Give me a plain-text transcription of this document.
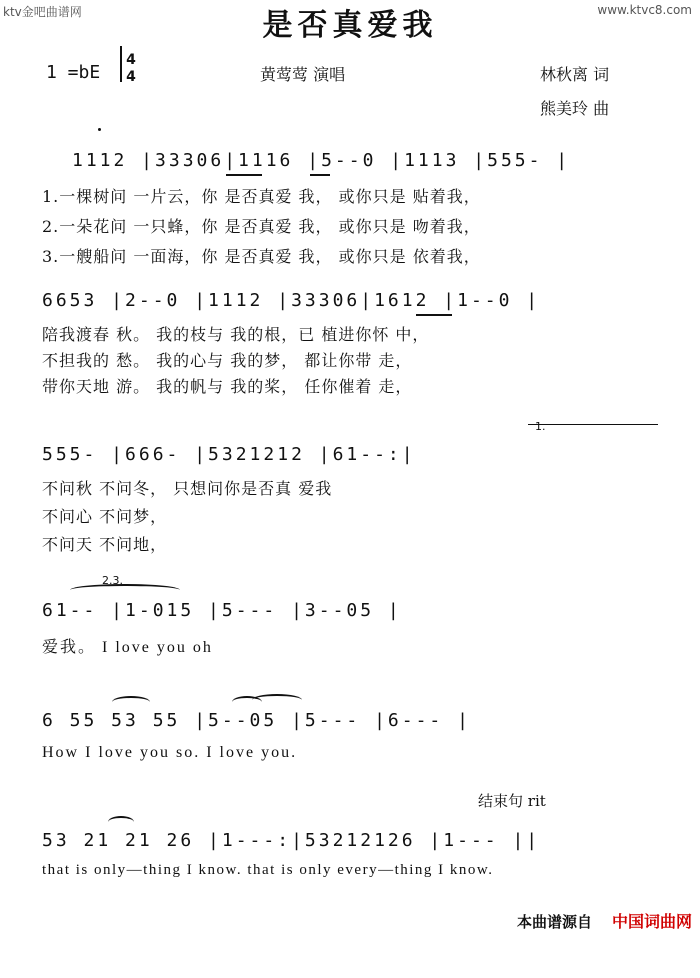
ktv金吧曲谱网	www.ktvc8.com
是否真爱我
1 =bE
4
4	黄莺莺 演唱	林秋离 词
熊美玲 曲
1112 |33306|1116 |5--0 |1113 |555- |
1.一棵树问 一片云，你 是否真爱 我， 或你只是 贴着我，
2.一朵花问 一只蜂，你 是否真爱 我， 或你只是 吻着我，
3.一艘船问 一面海，你 是否真爱 我， 或你只是 依着我，
6653 |2--0 |1112 |33306|1612 |1--0 |
陪我渡春 秋。 我的枝与 我的根，已 植进你怀 中，
不担我的 愁。 我的心与 我的梦， 都让你带 走，
带你天地 游。 我的帆与 我的桨， 任你催着 走，
1.
555- |666- |5321212 |61--:|
不问秋 不问冬， 只想问你是否真 爱我
不问心 不问梦，
不问天 不问地，
2.3.
61-- |1-015 |5--- |3--05 |
爱我。 I love you oh
6 55 53 55 |5--05 |5--- |6--- |
How I love you so. I love you.
结束句 rit
53 21 21 26 |1---:|53212126 |1--- ||
that is only—thing I know. that is only every—thing I know.
本曲谱源自 中国词曲网
